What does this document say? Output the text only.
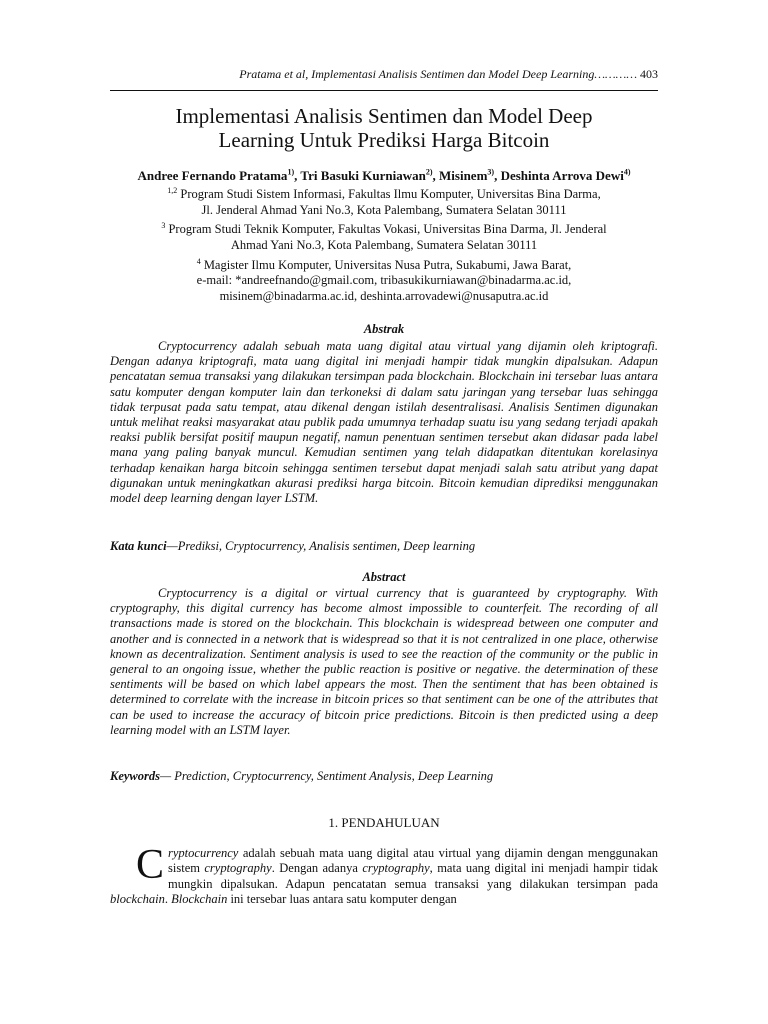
Pratama et al, Implementasi Analisis Sentimen dan Model Deep Learning………… 403
Implementasi Analisis Sentimen dan Model Deep
Learning Untuk Prediksi Harga Bitcoin
Andree Fernando Pratama$^{1)}$, Tri Basuki Kurniawan$^{2)}$, Misinem$^{3)}$, Deshinta Arrova Dewi$^{4)}$
$^{1,2}$ Program Studi Sistem Informasi, Fakultas Ilmu Komputer, Universitas Bina Darma,
Jl. Jenderal Ahmad Yani No.3, Kota Palembang, Sumatera Selatan 30111
$^3$ Program Studi Teknik Komputer, Fakultas Vokasi, Universitas Bina Darma, Jl. Jenderal
Ahmad Yani No.3, Kota Palembang, Sumatera Selatan 30111
$^4$ Magister Ilmu Komputer, Universitas Nusa Putra, Sukabumi, Jawa Barat,
e-mail: *andreefnando@gmail.com, tribasukikurniawan@binadarma.ac.id,
misinem@binadarma.ac.id, deshinta.arrovadewi@nusaputra.ac.id
Abstrak

Cryptocurrency adalah sebuah mata uang digital atau virtual yang dijamin oleh kriptografi. Dengan adanya kriptografi, mata uang digital ini menjadi hampir tidak mungkin dipalsukan. Adapun pencatatan semua transaksi yang dilakukan tersimpan pada blockchain. Blockchain ini tersebar luas antara satu komputer dengan komputer lain dan terkoneksi di dalam satu jaringan yang tersebar luas sehingga tidak terpusat pada satu tempat, atau dikenal dengan istilah desentralisasi. Analisis Sentimen digunakan untuk melihat reaksi masyarakat atau publik pada umumnya terhadap suatu isu yang sedang terjadi apakah reaksi publik bersifat positif maupun negatif, namun penentuan sentimen tersebut akan didasar pada label mana yang paling banyak muncul. Kemudian sentimen yang telah didapatkan ditentukan korelasinya terhadap kenaikan harga bitcoin sehingga sentimen tersebut dapat menjadi salah satu atribut yang dapat digunakan untuk meningkatkan akurasi prediksi harga bitcoin. Bitcoin kemudian diprediksi menggunakan model deep learning dengan layer LSTM.

Kata kunci—Prediksi, Cryptocurrency, Analisis sentimen, Deep learning
Abstract

Cryptocurrency is a digital or virtual currency that is guaranteed by cryptography. With cryptography, this digital currency has become almost impossible to counterfeit. The recording of all transactions made is stored on the blockchain. This blockchain is widespread between one computer and another and is connected in a network that is widespread so that it is not centralized in one place, otherwise known as decentralization. Sentiment analysis is used to see the reaction of the community or the public in general to an ongoing issue, whether the public reaction is positive or negative. the determination of these sentiments will be based on which label appears the most. Then the sentiment that has been obtained is determined to correlate with the increase in bitcoin prices so that sentiment can be one of the attributes that can be used to increase the accuracy of bitcoin price predictions. Bitcoin is then predicted using a deep learning model with an LSTM layer.

Keywords— Prediction, Cryptocurrency, Sentiment Analysis, Deep Learning
1. PENDAHULUAN

Cryptocurrency adalah sebuah mata uang digital atau virtual yang dijamin dengan menggunakan sistem cryptography. Dengan adanya cryptography, mata uang digital ini menjadi hampir tidak mungkin dipalsukan. Adapun pencatatan semua transaksi yang dilakukan tersimpan pada blockchain. Blockchain ini tersebar luas antara satu komputer dengan
